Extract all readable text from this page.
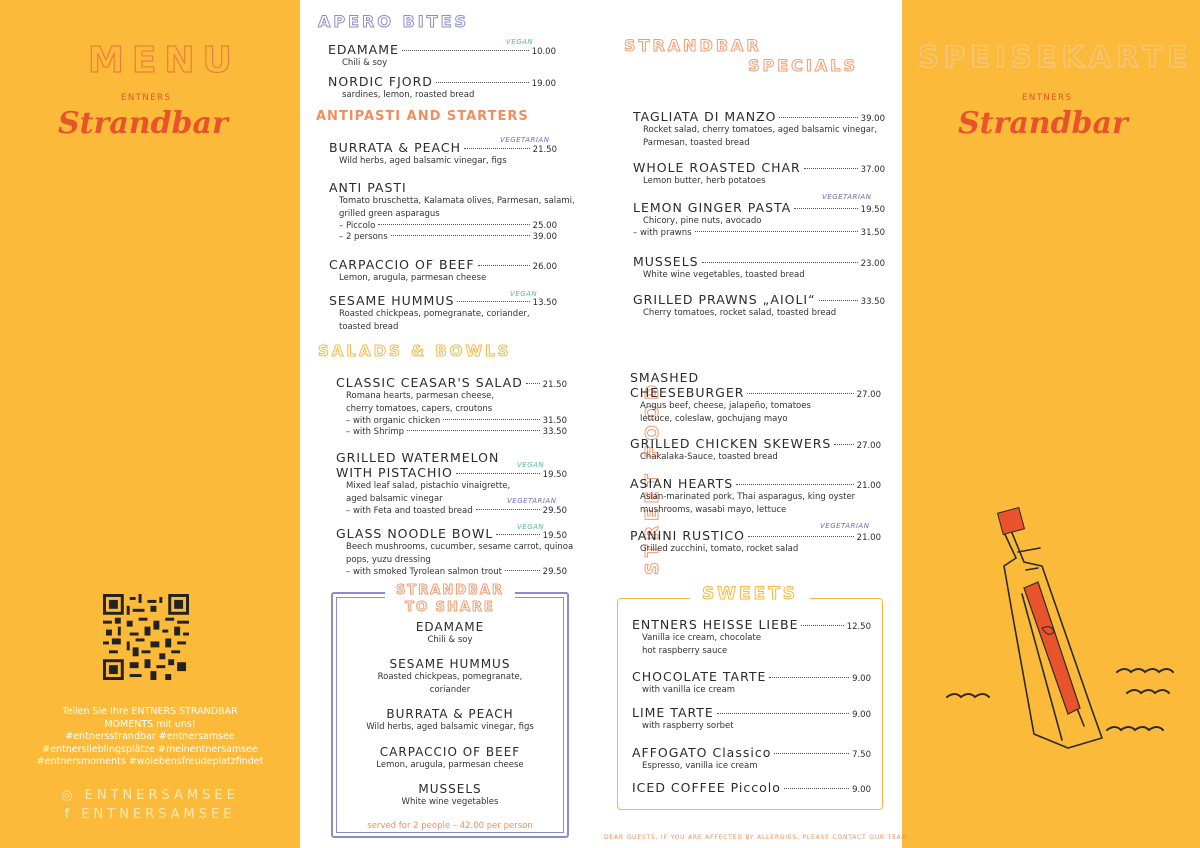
MENU
ENTNERS
Strandbar
Teilen Sie Ihre ENTNERS STRANDBAR
MOMENTS mit uns!
#entnersstrandbar #entnersamsee
#entnerslieblingsplätze #meinentnersamsee
#entnersmoments #wolebensfreudeplatzfindet
◎ ENTNERSAMSEE
f ENTNERSAMSEE
SPEISEKARTE
ENTNERS
Strandbar
APERO BITES
EDAMAME	10.00
Chili & soy
VEGAN
NORDIC FJORD	19.00
sardines, lemon, roasted bread
ANTIPASTI AND STARTERS
BURRATA & PEACH	21.50
Wild herbs, aged balsamic vinegar, figs
VEGETARIAN
ANTI PASTI
Tomato bruschetta, Kalamata olives, Parmesan, salami,
grilled green asparagus
– Piccolo	25.00
– 2 persons	39.00
CARPACCIO OF BEEF	26.00
Lemon, arugula, parmesan cheese
SESAME HUMMUS	13.50
Roasted chickpeas, pomegranate, coriander,
toasted bread
VEGAN
SALADS & BOWLS
CLASSIC CEASAR'S SALAD 21.50
Romana hearts, parmesan cheese,
cherry tomatoes, capers, croutons
– with organic chicken	31.50
– with Shrimp	33.50
GRILLED WATERMELON
WITH PISTACHIO	19.50
Mixed leaf salad, pistachio vinaigrette,
aged balsamic vinegar
– with Feta and toasted bread	29.50
VEGAN
VEGETARIAN
GLASS NOODLE BOWL	19.50
Beech mushrooms, cucumber, sesame carrot, quinoa
pops, yuzu dressing
– with smoked Tyrolean salmon trout	29.50
VEGAN
STRANDBAR
TO SHARE
EDAMAME
Chili & soy
SESAME HUMMUS
Roasted chickpeas, pomegranate,
coriander
BURRATA & PEACH
Wild herbs, aged balsamic vinegar, figs
CARPACCIO OF BEEF
Lemon, arugula, parmesan cheese
MUSSELS
White wine vegetables
served for 2 people – 42.00 per person
STRANDBAR
SPECIALS
TAGLIATA DI MANZO	39.00
Rocket salad, cherry tomatoes, aged balsamic vinegar,
Parmesan, toasted bread
WHOLE ROASTED CHAR	37.00
Lemon butter, herb potatoes
LEMON GINGER PASTA	19.50
Chicory, pine nuts, avocado
– with prawns	31.50
VEGETARIAN
MUSSELS	23.00
White wine vegetables, toasted bread
GRILLED PRAWNS „AIOLI“	33.50
Cherry tomatoes, rocket salad, toasted bread
STREET FOOD
SMASHED
CHEESEBURGER	27.00
Angus beef, cheese, jalapeño, tomatoes
lettuce, coleslaw, gochujang mayo
GRILLED CHICKEN SKEWERS	27.00
Chakalaka-Sauce, toasted bread
ASIAN HEARTS	21.00
Asian-marinated pork, Thai asparagus, king oyster
mushrooms, wasabi mayo, lettuce
PANINI RUSTICO	21.00
Grilled zucchini, tomato, rocket salad
VEGETARIAN
SWEETS
ENTNERS HEISSE LIEBE	12.50
Vanilla ice cream, chocolate
hot raspberry sauce
CHOCOLATE TARTE	9.00
with vanilla ice cream
LIME TARTE	9.00
with raspberry sorbet
AFFOGATO Classico	7.50
Espresso, vanilla ice cream
ICED COFFEE Piccolo	9.00
DEAR GUESTS, IF YOU ARE AFFECTED BY ALLERGIES, PLEASE CONTACT OUR TEAM.
